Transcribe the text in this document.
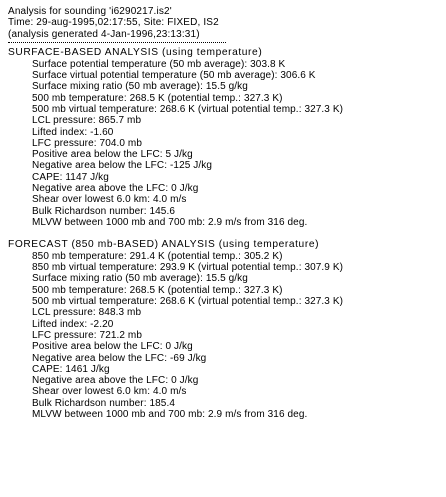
Analysis for sounding 'i6290217.is2'
Time: 29-aug-1995,02:17:55, Site: FIXED, IS2
(analysis generated 4-Jan-1996,23:13:31)
SURFACE-BASED ANALYSIS (using temperature)
Surface potential temperature (50 mb average): 303.8 K
Surface virtual potential temperature (50 mb average): 306.6 K
Surface mixing ratio (50 mb average): 15.5 g/kg
500 mb temperature: 268.5 K (potential temp.: 327.3 K)
500 mb virtual temperature: 268.6 K (virtual potential temp.: 327.3 K)
LCL pressure: 865.7 mb
Lifted index: -1.60
LFC pressure: 704.0 mb
Positive area below the LFC: 5 J/kg
Negative area below the LFC: -125 J/kg
CAPE: 1147 J/kg
Negative area above the LFC: 0 J/kg
Shear over lowest 6.0 km: 4.0 m/s
Bulk Richardson number: 145.6
MLVW between 1000 mb and 700 mb: 2.9 m/s from 316 deg.
FORECAST (850 mb-BASED) ANALYSIS (using temperature)
850 mb temperature: 291.4 K (potential temp.: 305.2 K)
850 mb virtual temperature: 293.9 K (virtual potential temp.: 307.9 K)
Surface mixing ratio (50 mb average): 15.5 g/kg
500 mb temperature: 268.5 K (potential temp.: 327.3 K)
500 mb virtual temperature: 268.6 K (virtual potential temp.: 327.3 K)
LCL pressure: 848.3 mb
Lifted index: -2.20
LFC pressure: 721.2 mb
Positive area below the LFC: 0 J/kg
Negative area below the LFC: -69 J/kg
CAPE: 1461 J/kg
Negative area above the LFC: 0 J/kg
Shear over lowest 6.0 km: 4.0 m/s
Bulk Richardson number: 185.4
MLVW between 1000 mb and 700 mb: 2.9 m/s from 316 deg.
